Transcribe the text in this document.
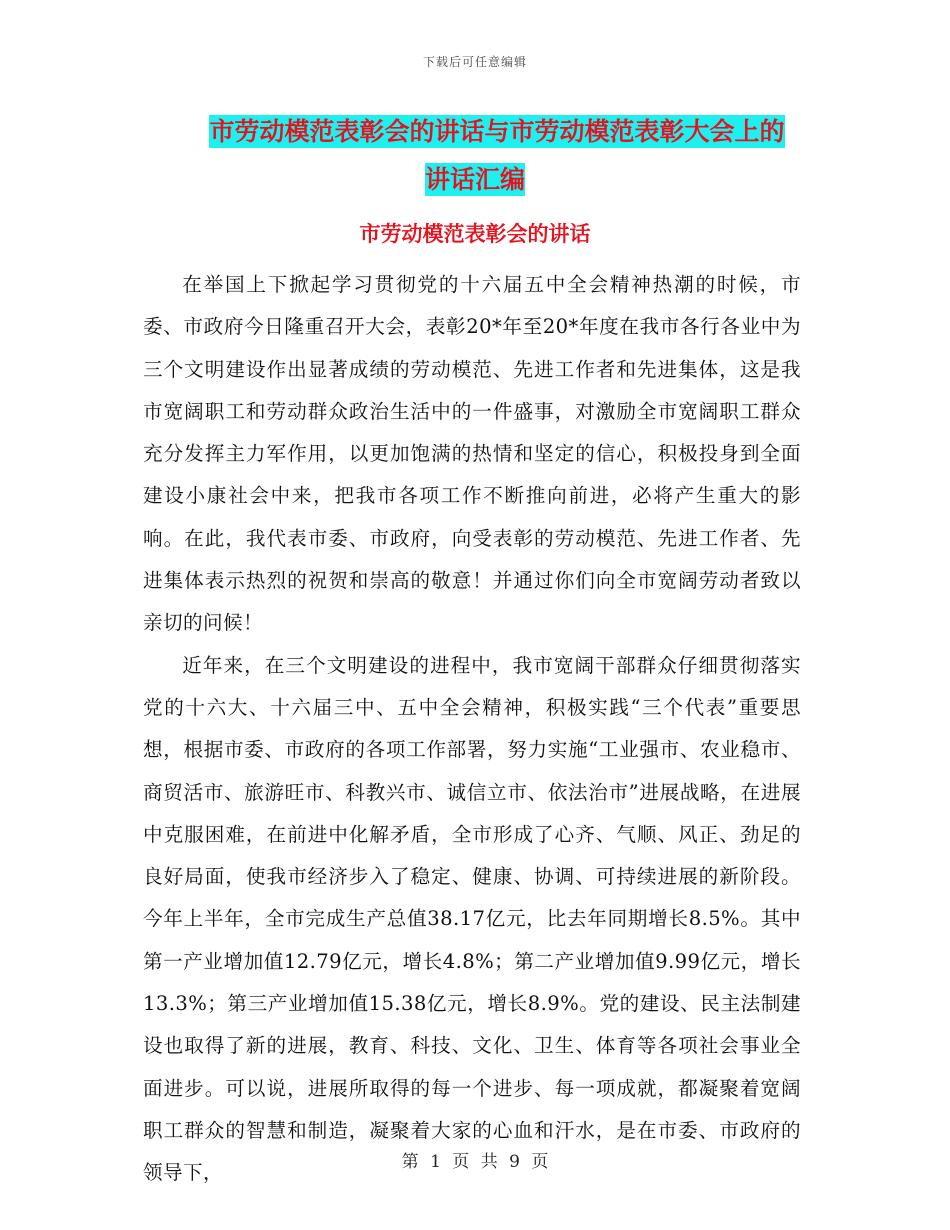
下载后可任意编辑
市劳动模范表彰会的讲话与市劳动模范表彰大会上的
讲话汇编
市劳动模范表彰会的讲话

在举国上下掀起学习贯彻党的十六届五中全会精神热潮的时候，市委、市政府今日隆重召开大会，表彰20*年至20*年度在我市各行各业中为三个文明建设作出显著成绩的劳动模范、先进工作者和先进集体，这是我市宽阔职工和劳动群众政治生活中的一件盛事，对激励全市宽阔职工群众充分发挥主力军作用，以更加饱满的热情和坚定的信心，积极投身到全面建设小康社会中来，把我市各项工作不断推向前进，必将产生重大的影响。在此，我代表市委、市政府，向受表彰的劳动模范、先进工作者、先进集体表示热烈的祝贺和崇高的敬意！并通过你们向全市宽阔劳动者致以亲切的问候！

近年来，在三个文明建设的进程中，我市宽阔干部群众仔细贯彻落实党的十六大、十六届三中、五中全会精神，积极实践“三个代表”重要思想，根据市委、市政府的各项工作部署，努力实施“工业强市、农业稳市、商贸活市、旅游旺市、科教兴市、诚信立市、依法治市”进展战略，在进展中克服困难，在前进中化解矛盾，全市形成了心齐、气顺、风正、劲足的良好局面，使我市经济步入了稳定、健康、协调、可持续进展的新阶段。今年上半年，全市完成生产总值38.17亿元，比去年同期增长8.5%。其中第一产业增加值12.79亿元，增长4.8%；第二产业增加值9.99亿元，增长13.3%；第三产业增加值15.38亿元，增长8.9%。党的建设、民主法制建设也取得了新的进展，教育、科技、文化、卫生、体育等各项社会事业全面进步。可以说，进展所取得的每一个进步、每一项成就，都凝聚着宽阔职工群众的智慧和制造，凝聚着大家的心血和汗水，是在市委、市政府的领导下，	第 1 页 共 9 页
